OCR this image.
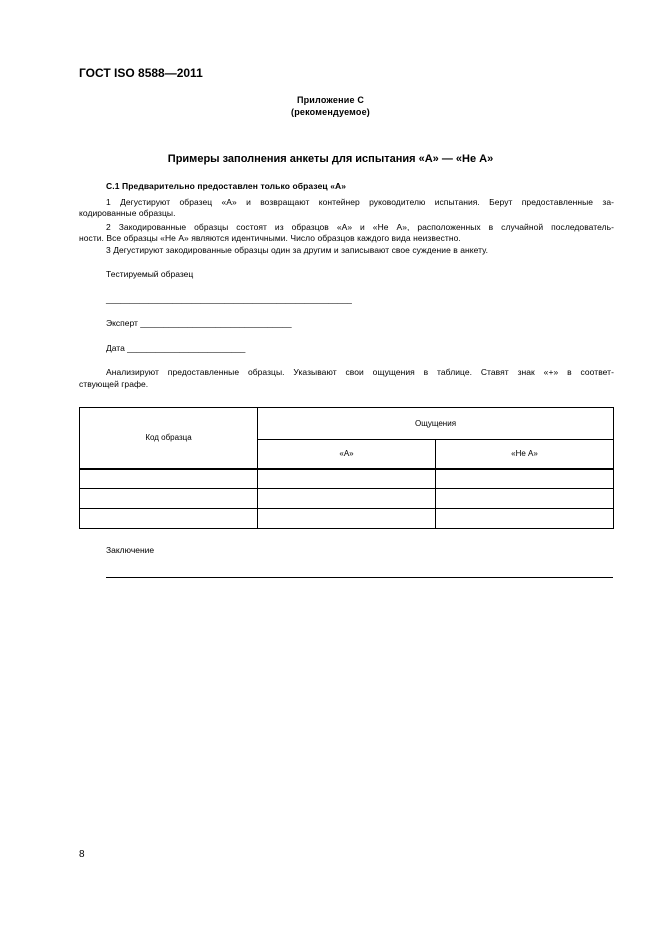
ГОСТ ISO 8588—2011
Приложение С
(рекомендуемое)
Примеры заполнения анкеты для испытания «А» — «Не А»
С.1 Предварительно предоставлен только образец «А»
1 Дегустируют образец «А» и возвращают контейнер руководителю испытания. Берут предоставленные за-
кодированные образцы.
2 Закодированные образцы состоят из образцов «А» и «Не А», расположенных в случайной последователь-
ности. Все образцы «Не А» являются идентичными. Число образцов каждого вида неизвестно.
3 Дегустируют закодированные образцы один за другим и записывают свое суждение в анкету.
Тестируемый образец
____________________________________________________
Эксперт ________________________________
Дата _________________________
Анализируют предоставленные образцы. Указывают свои ощущения в таблице. Ставят знак «+» в соответ-
ствующей графе.
Код образца	Ощущения	
	«А»	«Не А»

Заключение
8
